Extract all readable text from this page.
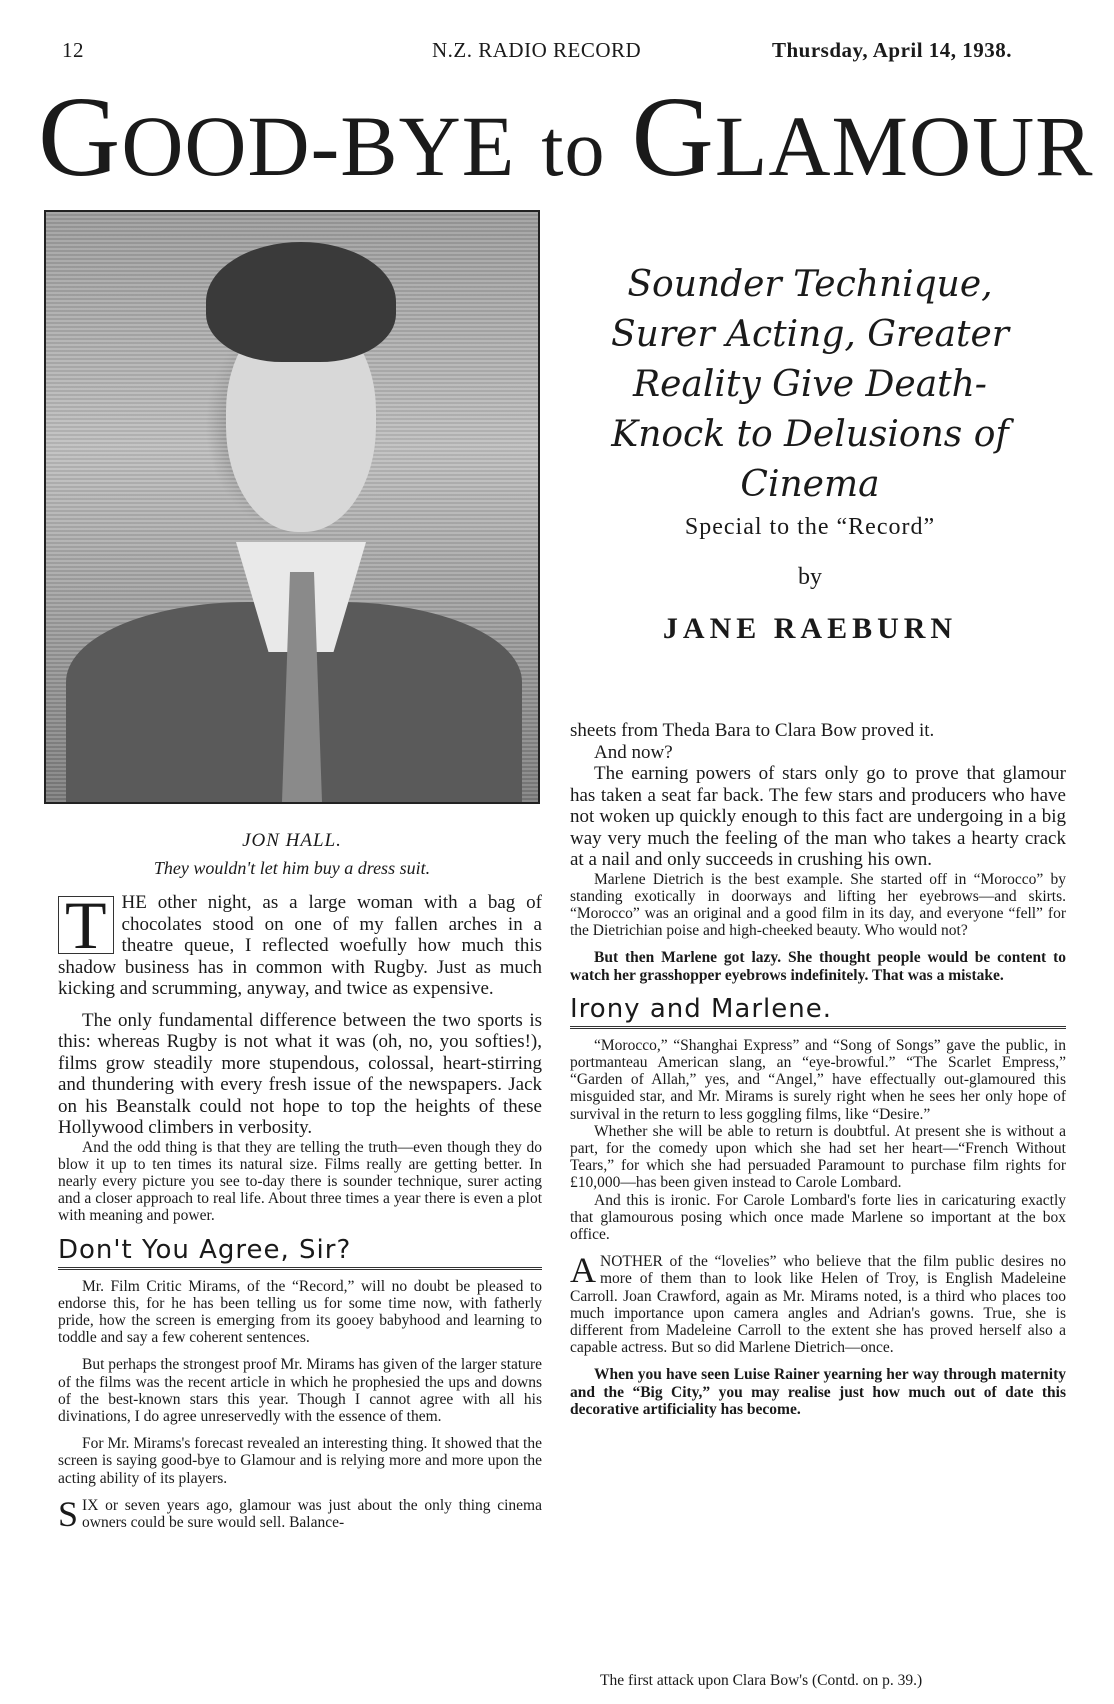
12	N.Z. RADIO RECORD	Thursday, April 14, 1938.
GOOD-BYE to GLAMOUR
Sounder Technique, Surer Acting, Greater Reality Give Death-Knock to Delusions of Cinema
Special to the “Record”
by
JANE RAEBURN
JON HALL.
They wouldn't let him buy a dress suit.

T HE other night, as a large woman with a bag of chocolates stood on one of my fallen arches in a theatre queue, I reflected woefully how much this shadow business has in common with Rugby. Just as much kicking and scrumming, anyway, and twice as expensive.

The only fundamental difference between the two sports is this: whereas Rugby is not what it was (oh, no, you softies!), films grow steadily more stupendous, colossal, heart-stirring and thundering with every fresh issue of the newspapers. Jack on his Beanstalk could not hope to top the heights of these Hollywood climbers in verbosity.

And the odd thing is that they are telling the truth—even though they do blow it up to ten times its natural size. Films really are getting better. In nearly every picture you see to-day there is sounder technique, surer acting and a closer approach to real life. About three times a year there is even a plot with meaning and power.

Don't You Agree, Sir?

Mr. Film Critic Mirams, of the “Record,” will no doubt be pleased to endorse this, for he has been telling us for some time now, with fatherly pride, how the screen is emerging from its gooey babyhood and learning to toddle and say a few coherent sentences.

But perhaps the strongest proof Mr. Mirams has given of the larger stature of the films was the recent article in which he prophesied the ups and downs of the best-known stars this year. Though I cannot agree with all his divinations, I do agree unreservedly with the essence of them.

For Mr. Mirams's forecast revealed an interesting thing. It showed that the screen is saying good-bye to Glamour and is relying more and more upon the acting ability of its players.

SIX or seven years ago, glamour was just about the only thing cinema owners could be sure would sell. Balance-

sheets from Theda Bara to Clara Bow proved it.

And now?

The earning powers of stars only go to prove that glamour has taken a seat far back. The few stars and producers who have not woken up quickly enough to this fact are undergoing in a big way very much the feeling of the man who takes a hearty crack at a nail and only succeeds in crushing his own.

Marlene Dietrich is the best example. She started off in “Morocco” by standing exotically in doorways and lifting her eyebrows—and skirts. “Morocco” was an original and a good film in its day, and everyone “fell” for the Dietrichian poise and high-cheeked beauty. Who would not?

But then Marlene got lazy. She thought people would be content to watch her grasshopper eyebrows indefinitely. That was a mistake.

Irony and Marlene.

“Morocco,” “Shanghai Express” and “Song of Songs” gave the public, in portmanteau American slang, an “eye-browful.” “The Scarlet Empress,” “Garden of Allah,” yes, and “Angel,” have effectually out-glamoured this misguided star, and Mr. Mirams is surely right when he sees her only hope of survival in the return to less goggling films, like “Desire.”

Whether she will be able to return is doubtful. At present she is without a part, for the comedy upon which she had set her heart—“French Without Tears,” for which she had persuaded Paramount to purchase film rights for £10,000—has been given instead to Carole Lombard.

And this is ironic. For Carole Lombard's forte lies in caricaturing exactly that glamourous posing which once made Marlene so important at the box office.

ANOTHER of the “lovelies” who believe that the film public desires no more of them than to look like Helen of Troy, is English Madeleine Carroll. Joan Crawford, again as Mr. Mirams noted, is a third who places too much importance upon camera angles and Adrian's gowns. True, she is different from Madeleine Carroll to the extent she has proved herself also a capable actress. But so did Marlene Dietrich—once.

When you have seen Luise Rainer yearning her way through maternity and the “Big City,” you may realise just how much out of date this decorative artificiality has become.

The first attack upon Clara Bow's (Contd. on p. 39.)
